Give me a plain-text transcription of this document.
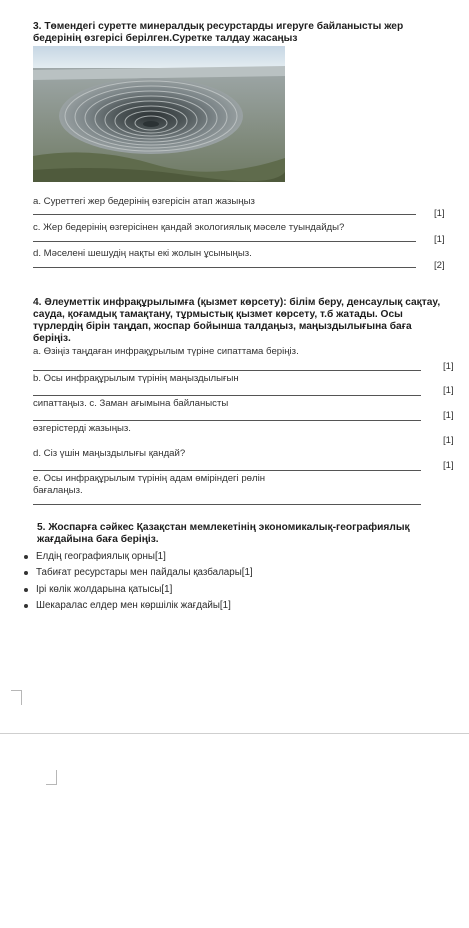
3. Төмендегі суретте минералдық ресурстарды игеруге байланысты жер
бедерінің өзгерісі берілген.Суретке талдау жасаңыз
a. Суреттегі жер бедерінің өзгерісін атап жазыңыз
[1]
c. Жер бедерінің өзгерісінен қандай экологиялық мәселе туындайды?
[1]
d. Мәселені шешудің нақты екі жолын ұсыныңыз.
[2]
4. Әлеуметтік инфрақұрылымға (қызмет көрсету): білім беру, денсаулық сақтау,
сауда, қоғамдық тамақтану, тұрмыстық қызмет көрсету, т.б жатады. Осы
түрлердің бірін таңдап, жоспар бойынша талдаңыз, маңыздылығына баға
беріңіз.
a. Өзіңіз таңдаған инфрақұрылым түріне сипаттама беріңіз.
[1]
b. Осы инфрақұрылым түрінің маңыздылығын
[1]
сипаттаңыз. c. Заман ағымына байланысты
[1]
өзгерістерді жазыңыз.
[1]
d. Сіз үшін маңыздылығы қандай?
[1]
e. Осы инфрақұрылым түрінің адам өміріндегі рөлін
бағалаңыз.
5. Жоспарға сәйкес Қазақстан мемлекетінің экономикалық-географиялық
жағдайына баға беріңіз.
Елдің географиялық орны[1]
Табиғат ресурстары мен пайдалы қазбалары[1]
Ірі көлік жолдарына қатысы[1]
Шекаралас елдер мен көршілік жағдайы[1]
